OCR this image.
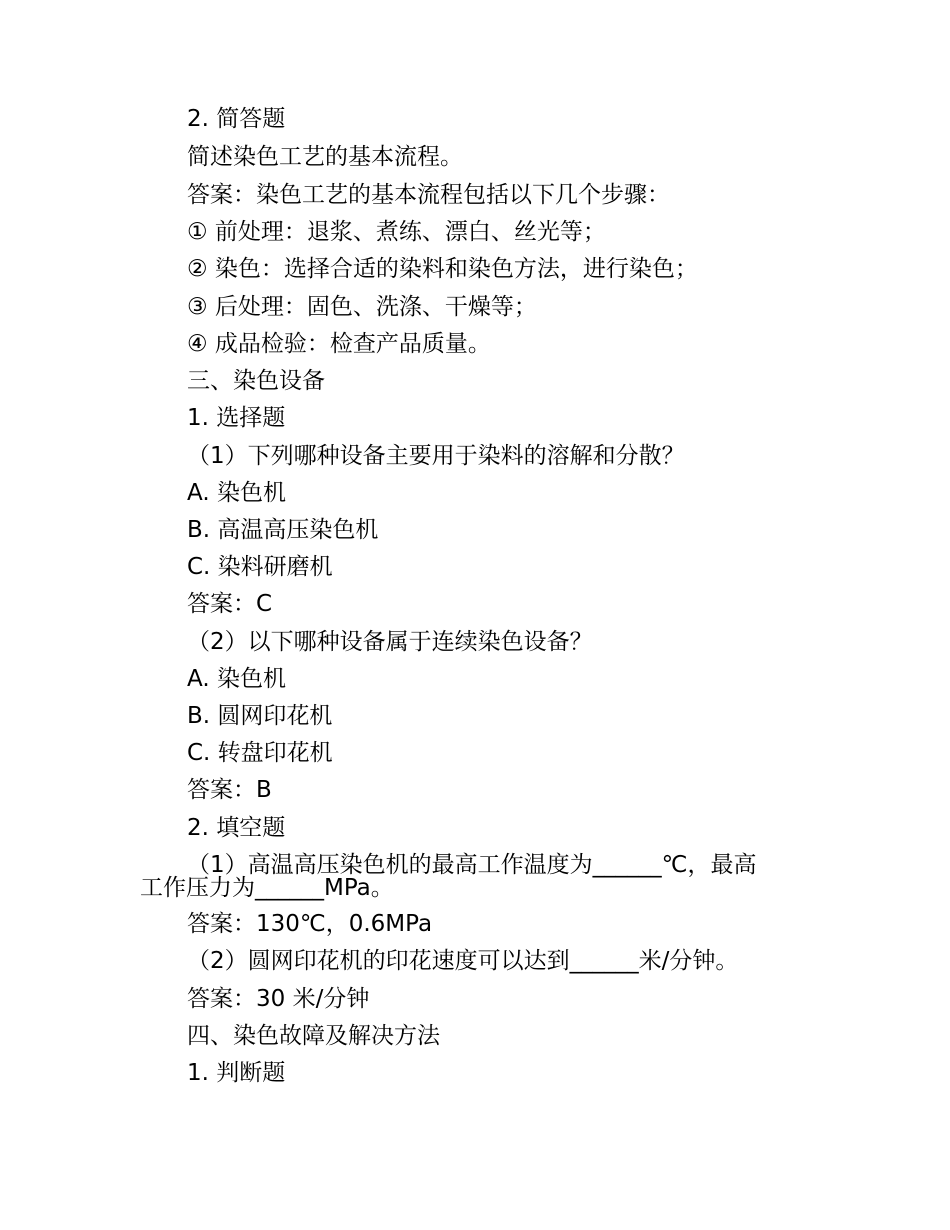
2. 简答题
简述染色工艺的基本流程。
答案：染色工艺的基本流程包括以下几个步骤：
① 前处理：退浆、煮练、漂白、丝光等；
② 染色：选择合适的染料和染色方法，进行染色；
③ 后处理：固色、洗涤、干燥等；
④ 成品检验：检查产品质量。
三、染色设备
1. 选择题
（1）下列哪种设备主要用于染料的溶解和分散？
A. 染色机
B. 高温高压染色机
C. 染料研磨机
答案：C
（2）以下哪种设备属于连续染色设备？
A. 染色机
B. 圆网印花机
C. 转盘印花机
答案：B
2. 填空题
（1）高温高压染色机的最高工作温度为______℃，最高
工作压力为______MPa。
答案：130℃，0.6MPa
（2）圆网印花机的印花速度可以达到______米/分钟。
答案：30 米/分钟
四、染色故障及解决方法
1. 判断题
